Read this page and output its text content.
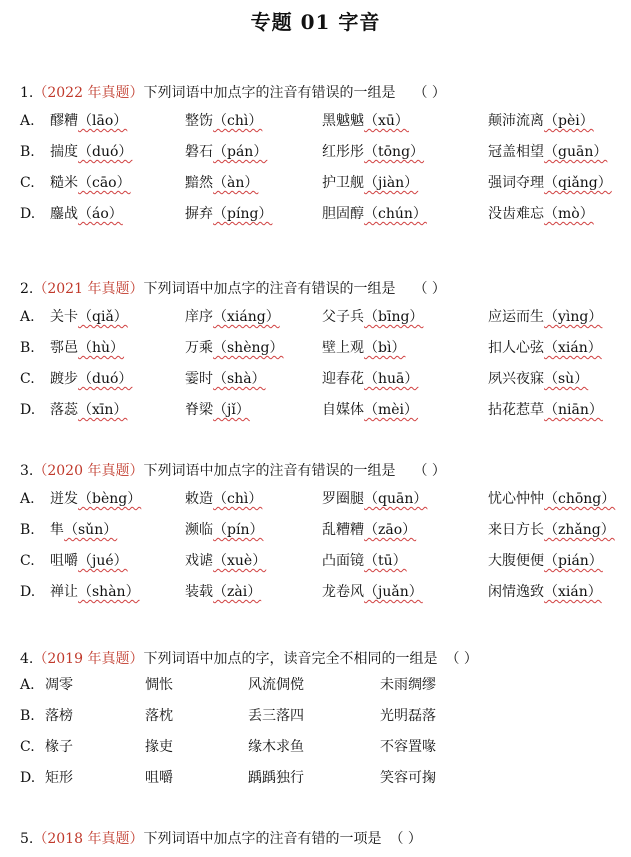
专题 01 字音
1.（2022 年真题）下列词语中加点字的注音有错误的一组是 （ ）
A. 醪糟（lāo）	整饬（chì）	黑魆魆（xū）	颠沛流离（pèi）
B. 揣度（duó）	磐石（pán）	红彤彤（tōng）	冠盖相望（guān）
C. 糙米（cāo）	黯然（àn）	护卫舰（jiàn）	强词夺理（qiǎng）
D. 鏖战（áo）	摒弃（píng）	胆固醇（chún）	没齿难忘（mò）
2.（2021 年真题）下列词语中加点字的注音有错误的一组是 （ ）
A. 关卡（qiǎ）	庠序（xiáng）	父子兵（bīng）	应运而生（yìng）
B. 鄠邑（hù）	万乘（shèng）	壁上观（bì）	扣人心弦（xián）
C. 踱步（duó）	霎时（shà）	迎春花（huā）	夙兴夜寐（sù）
D. 落蕊（xīn）	脊梁（jǐ）	自媒体（mèi）	拈花惹草（niān）
3.（2020 年真题）下列词语中加点字的注音有错误的一组是 （ ）
A. 迸发（bèng）	敕造（chì）	罗圈腿（quān）	忧心忡忡（chōng）
B. 隼（sǔn）	濒临（pín）	乱糟糟（zāo）	来日方长（zhǎng）
C. 咀嚼（jué）	戏谑（xuè）	凸面镜（tū）	大腹便便（pián）
D. 禅让（shàn）	装载（zài）	龙卷风（juǎn）	闲情逸致（xián）
4.（2019 年真题）下列词语中加点的字，读音完全不相同的一组是 （ ）
A. 凋零	惆怅	风流倜傥	未雨绸缪
B. 落榜	落枕	丢三落四	光明磊落
C. 椽子	掾吏	缘木求鱼	不容置喙
D. 矩形	咀嚼	踽踽独行	笑容可掬
5.（2018 年真题）下列词语中加点字的注音有错的一项是 （ ）
